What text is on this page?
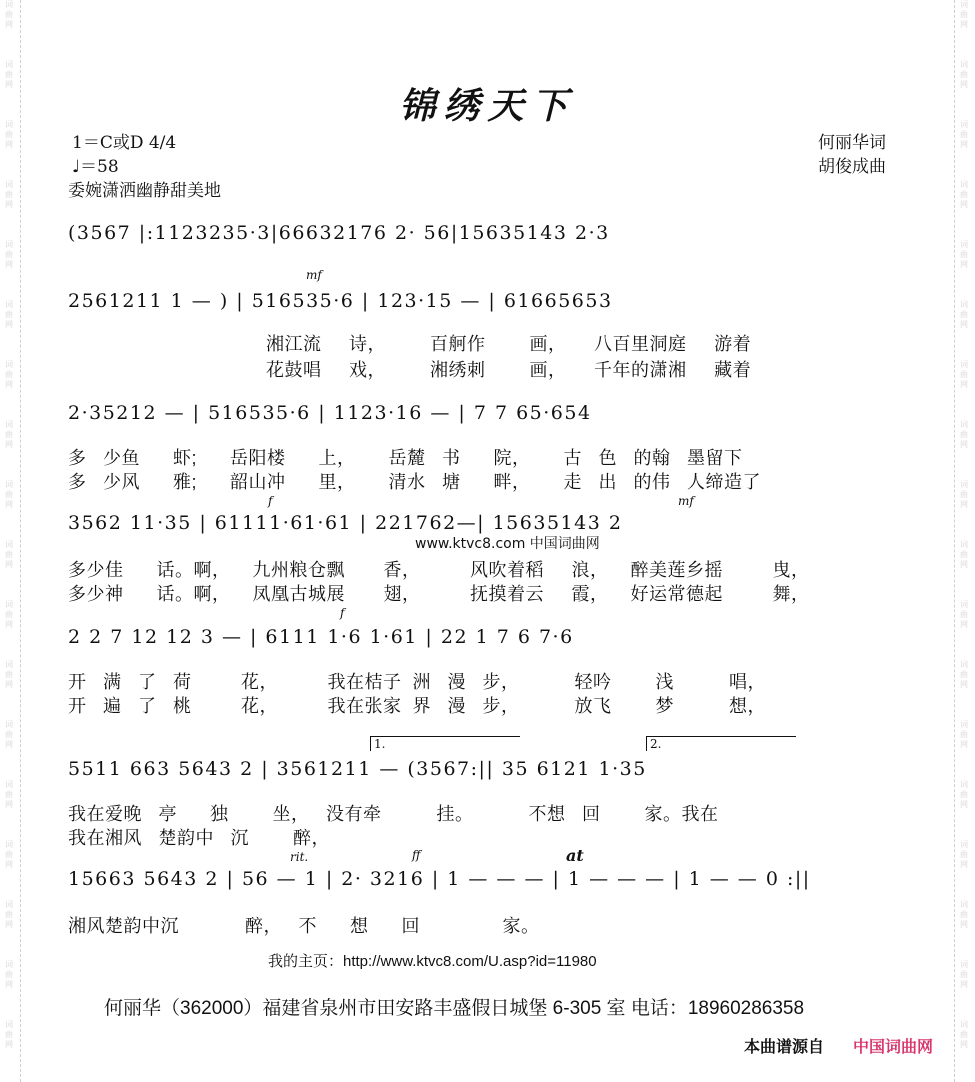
词曲网
词曲网
词曲网
词曲网
词曲网
词曲网
词曲网
词曲网
词曲网
词曲网
词曲网
词曲网
词曲网
词曲网
词曲网
词曲网
词曲网
词曲网
词曲网
词曲网
词曲网
词曲网
词曲网
词曲网
词曲网
词曲网
词曲网
词曲网
词曲网
词曲网
词曲网
词曲网
词曲网
词曲网
词曲网
词曲网
锦绣天下
1＝C或D 4/4
♩＝58
委婉潇洒幽静甜美地
何丽华词
胡俊成曲
(3567 |:1123235·3|66632176 2· 56|15635143 2·3
mf
2561211 1 — ) | 516535·6 | 123·15 — | 61665653
湘江流     诗，        百舸作        画，     八百里洞庭     游着
花鼓唱     戏，        湘绣刺        画，     千年的潇湘     藏着
2·35212 — | 516535·6 | 1123·16 — | 7 7 65·654
多   少鱼      虾;      岳阳楼      上，      岳麓   书      院，      古   色   的翰   墨留下
多   少风      雅;      韶山冲      里，      清水   塘      畔，      走   出   的伟   人缔造了
f	mf
3562 11·35 | 61111·61·61 | 221762—| 15635143 2
www.ktvc8.com 中国词曲网
多少佳      话。啊，    九州粮仓飘       香，         风吹着稻     浪，    醉美莲乡摇         曳，
多少神      话。啊，    凤凰古城展       翅，         抚摸着云     霞，    好运常德起         舞，
f
2 2 7 12 12 3 — | 6111 1·6 1·61 | 22 1 7 6 7·6
开   满   了   荷         花，         我在桔子  洲   漫   步，          轻吟        浅          唱，
开   遍   了   桃         花，         我在张家  界   漫   步，          放飞        梦          想，
1.	2.
5511 663 5643 2 | 3561211 — (3567:|| 35 6121 1·35
我在爱晚   亭      独        坐，   没有牵          挂。          不想   回        家。我在
我在湘风   楚韵中   沉        醉，
rit.	ff	at
15663 5643 2 | 56 — 1 | 2· 3216 | 1 — — — | 1 — — — | 1 — — 0 :||
湘风楚韵中沉            醉，   不      想      回               家。
我的主页：http://www.ktvc8.com/U.asp?id=11980
何丽华（362000）福建省泉州市田安路丰盛假日城堡 6-305 室 电话：18960286358
本曲谱源自 中国词曲网
